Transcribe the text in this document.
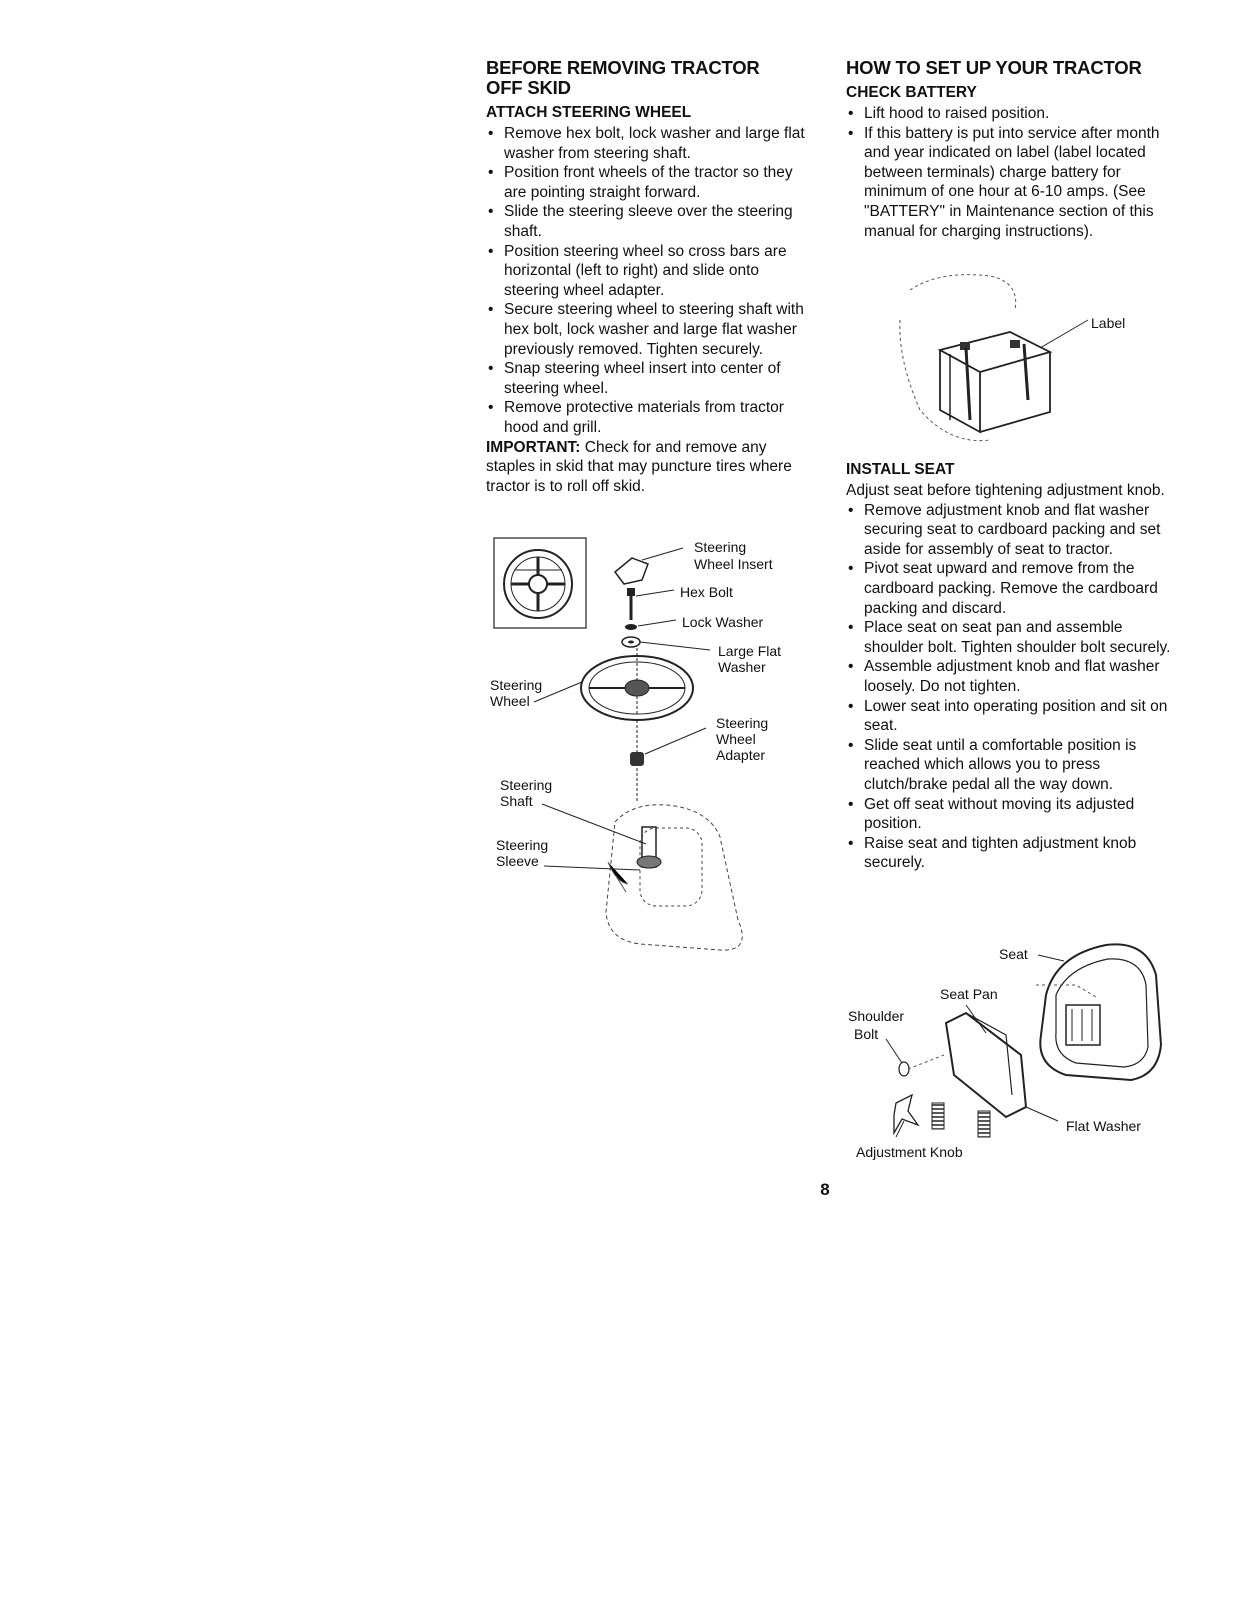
BEFORE REMOVING TRACTOR
OFF SKID
ATTACH STEERING WHEEL
• Remove hex bolt, lock washer and large flat washer from steering shaft.
• Position front wheels of the tractor so they are pointing straight forward.
• Slide the steering sleeve over the steering shaft.
• Position steering wheel so cross bars are horizontal (left to right) and slide onto steering wheel adapter.
• Secure steering wheel to steering shaft with hex bolt, lock washer and large flat washer previously removed. Tighten securely.
• Snap steering wheel insert into center of steering wheel.
• Remove protective materials from tractor hood and grill.

IMPORTANT: Check for and remove any staples in skid that may puncture tires where tractor is to roll off skid.

Steering
Wheel Insert
Hex Bolt
Lock Washer
Large Flat
Washer
Steering
Wheel
Steering
Wheel
Adapter
Steering
Shaft
Steering
Sleeve
HOW TO SET UP YOUR TRACTOR
CHECK BATTERY
• Lift hood to raised position.
• If this battery is put into service after month and year indicated on label (label located between terminals) charge battery for minimum of one hour at 6-10 amps. (See "BATTERY" in Maintenance section of this manual for charging instructions).
Label
INSTALL SEAT

Adjust seat before tightening adjustment knob.

• Remove adjustment knob and flat washer securing seat to cardboard packing and set aside for assembly of seat to tractor.
• Pivot seat upward and remove from the cardboard packing. Remove the cardboard packing and discard.
• Place seat on seat pan and assemble shoulder bolt. Tighten shoulder bolt securely.
• Assemble adjustment knob and flat washer loosely. Do not tighten.
• Lower seat into operating position and sit on seat.
• Slide seat until a comfortable position is reached which allows you to press clutch/brake pedal all the way down.
• Get off seat without moving its adjusted position.
• Raise seat and tighten adjustment knob securely.
Seat
Seat Pan
Shoulder
Bolt
Adjustment Knob
Flat Washer
8
